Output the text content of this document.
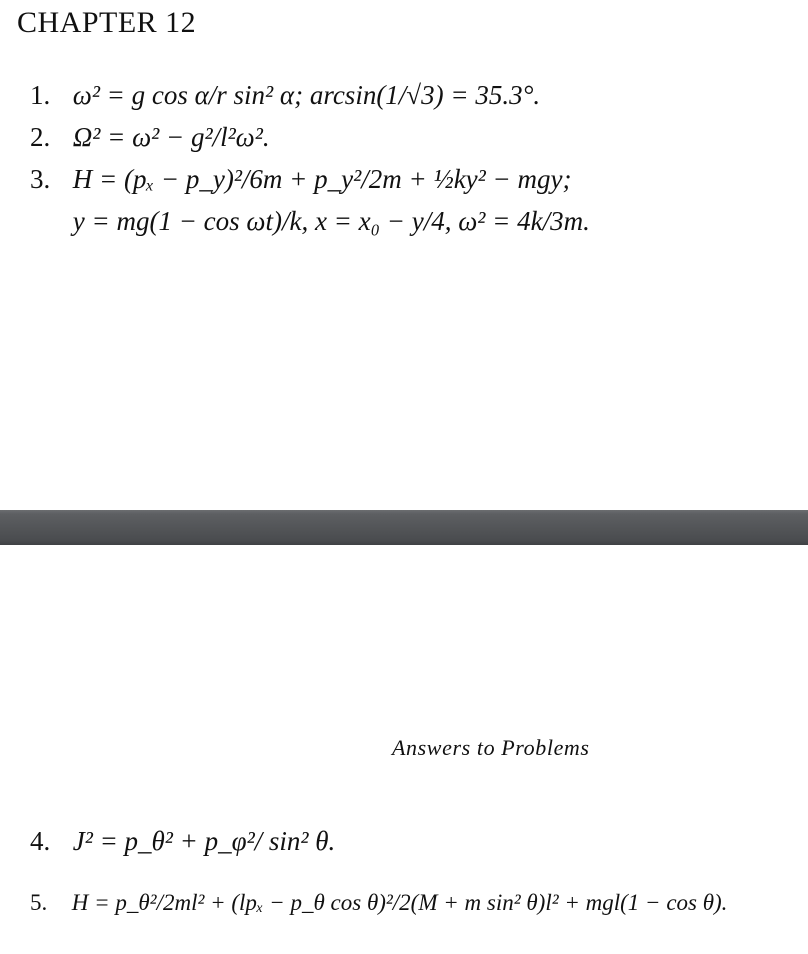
CHAPTER 12
1. ω² = g cos α/r sin² α; arcsin(1/√3) = 35.3°.
2. Ω² = ω² − g²/l²ω².
3. H = (pₓ − p_y)²/6m + p_y²/2m + ½ky² − mgy;
y = mg(1 − cos ωt)/k, x = x₀ − y/4, ω² = 4k/3m.
Answers to Problems
4. J² = p_θ² + p_φ²/ sin² θ.
5. H = p_θ²/2ml² + (lpₓ − p_θ cos θ)²/2(M + m sin² θ)l² + mgl(1 − cos θ).
